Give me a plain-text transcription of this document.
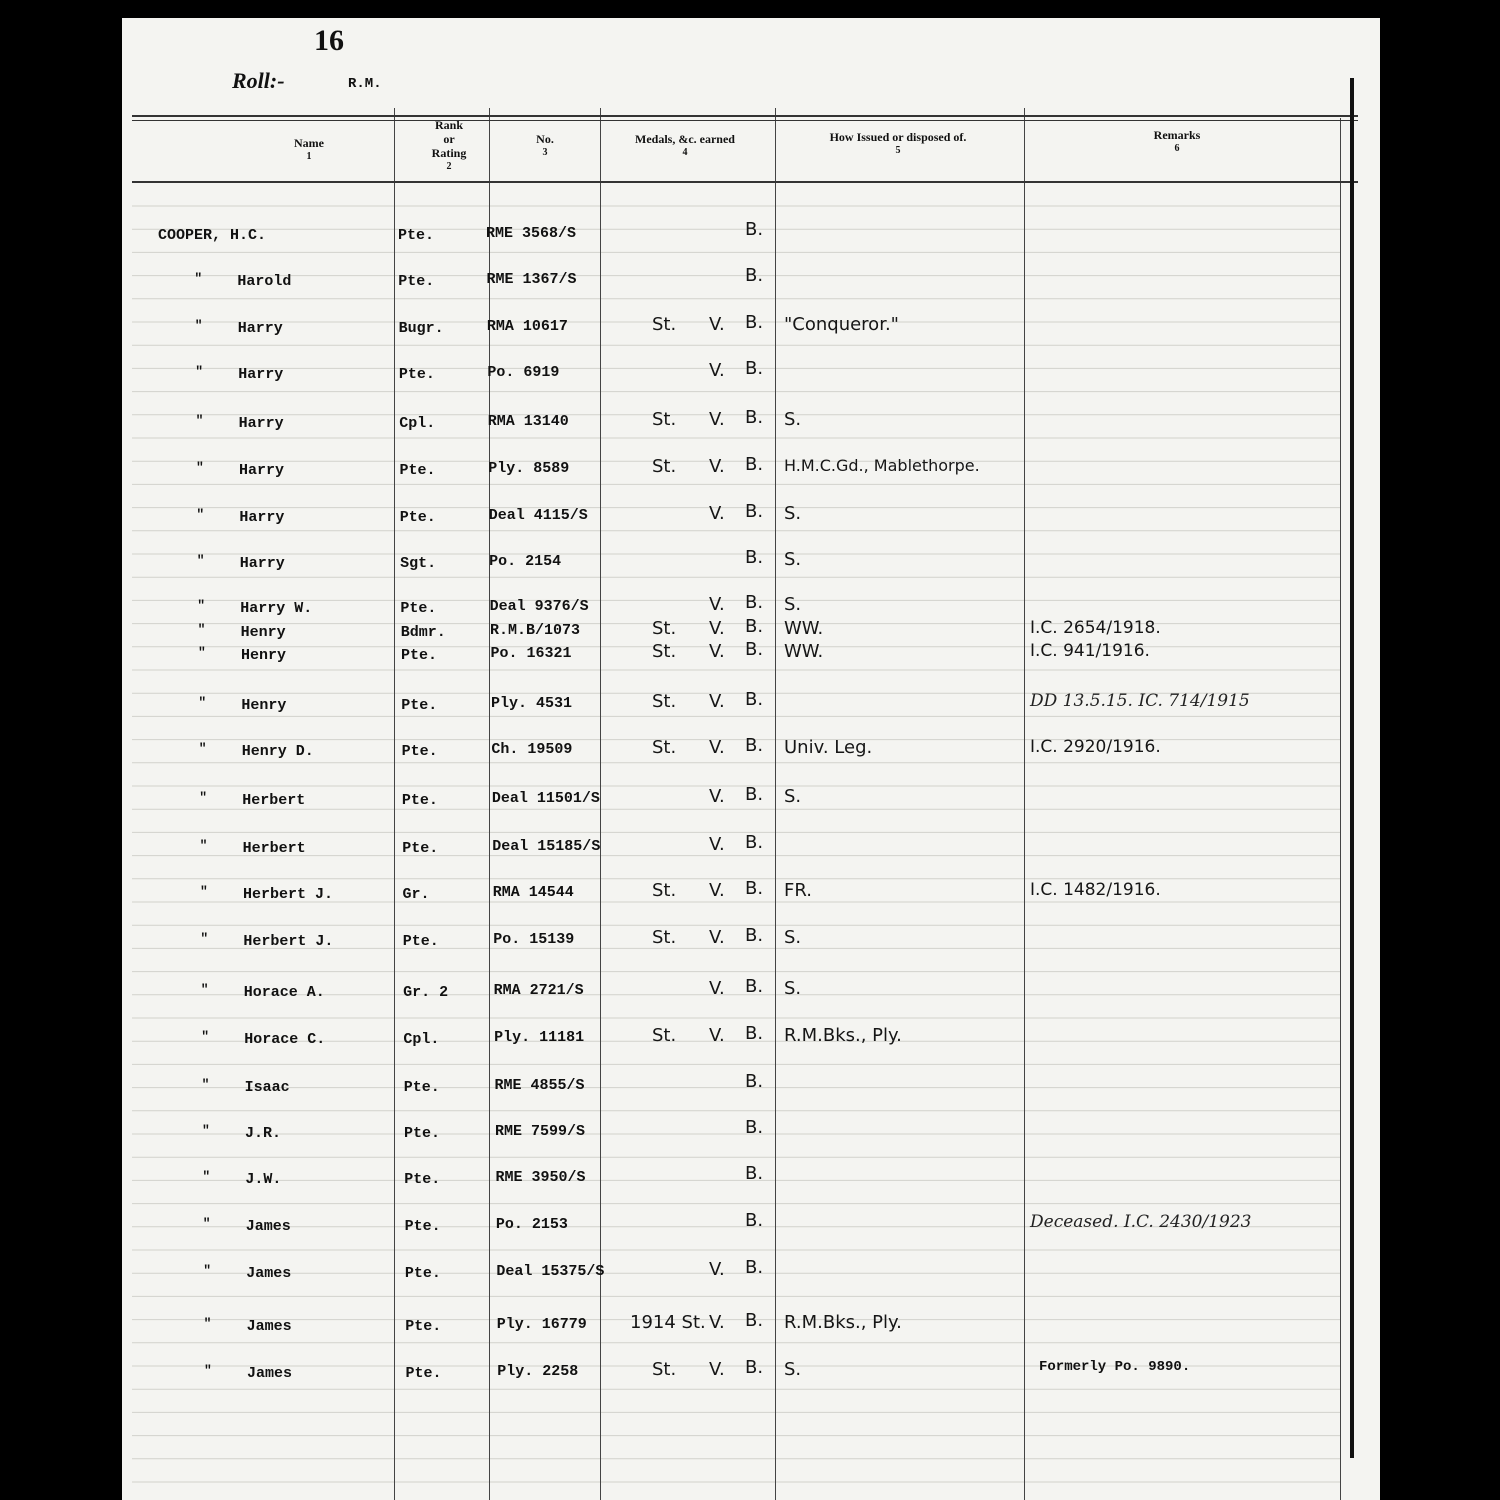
16
Roll:-	R.M.
Name
1
Rank
or
Rating
2
No.
3
Medals, &c. earned
4
How Issued or disposed of.
5
Remarks
6
COOPER, H.C.	Pte.	RME 3568/S	B.
" Harold	Pte.	RME 1367/S	B.
" Harry	Bugr.	RMA 10617	St. V. B. "Conqueror."
" Harry	Pte.	Po. 6919	V. B.
" Harry	Cpl.	RMA 13140	St. V. B. S.
" Harry	Pte.	Ply. 8589	St. V. B. H.M.C.Gd., Mablethorpe.
" Harry	Pte.	Deal 4115/S	V. B. S.
" Harry	Sgt.	Po. 2154	B. S.
" Harry W.	Pte.	Deal 9376/S	V. B. S.
" Henry	Bdmr.	R.M.B/1073	St. V. B. WW.	I.C. 2654/1918.
" Henry	Pte.	Po. 16321	St. V. B. WW.	I.C. 941/1916.
" Henry	Pte.	Ply. 4531	St. V. B.	DD 13.5.15. IC. 714/1915
" Henry D.	Pte.	Ch. 19509	St. V. B. Univ. Leg.	I.C. 2920/1916.
" Herbert	Pte.	Deal 11501/S	V. B. S.
" Herbert	Pte.	Deal 15185/S	V. B.
" Herbert J.	Gr.	RMA 14544	St. V. B. FR.	I.C. 1482/1916.
" Herbert J.	Pte.	Po. 15139	St. V. B. S.
" Horace A.	Gr. 2	RMA 2721/S	V. B. S.
" Horace C.	Cpl.	Ply. 11181	St. V. B. R.M.Bks., Ply.
" Isaac	Pte.	RME 4855/S	B.
" J.R.	Pte.	RME 7599/S	B.
" J.W.	Pte.	RME 3950/S	B.
" James	Pte.	Po. 2153	B.	Deceased. I.C. 2430/1923
" James	Pte.	Deal 15375/S	V. B.
" James	Pte.	Ply. 16779 1914 St. V. B. R.M.Bks., Ply.
" James	Pte.	Ply. 2258	St. V. B. S.	Formerly Po. 9890.
